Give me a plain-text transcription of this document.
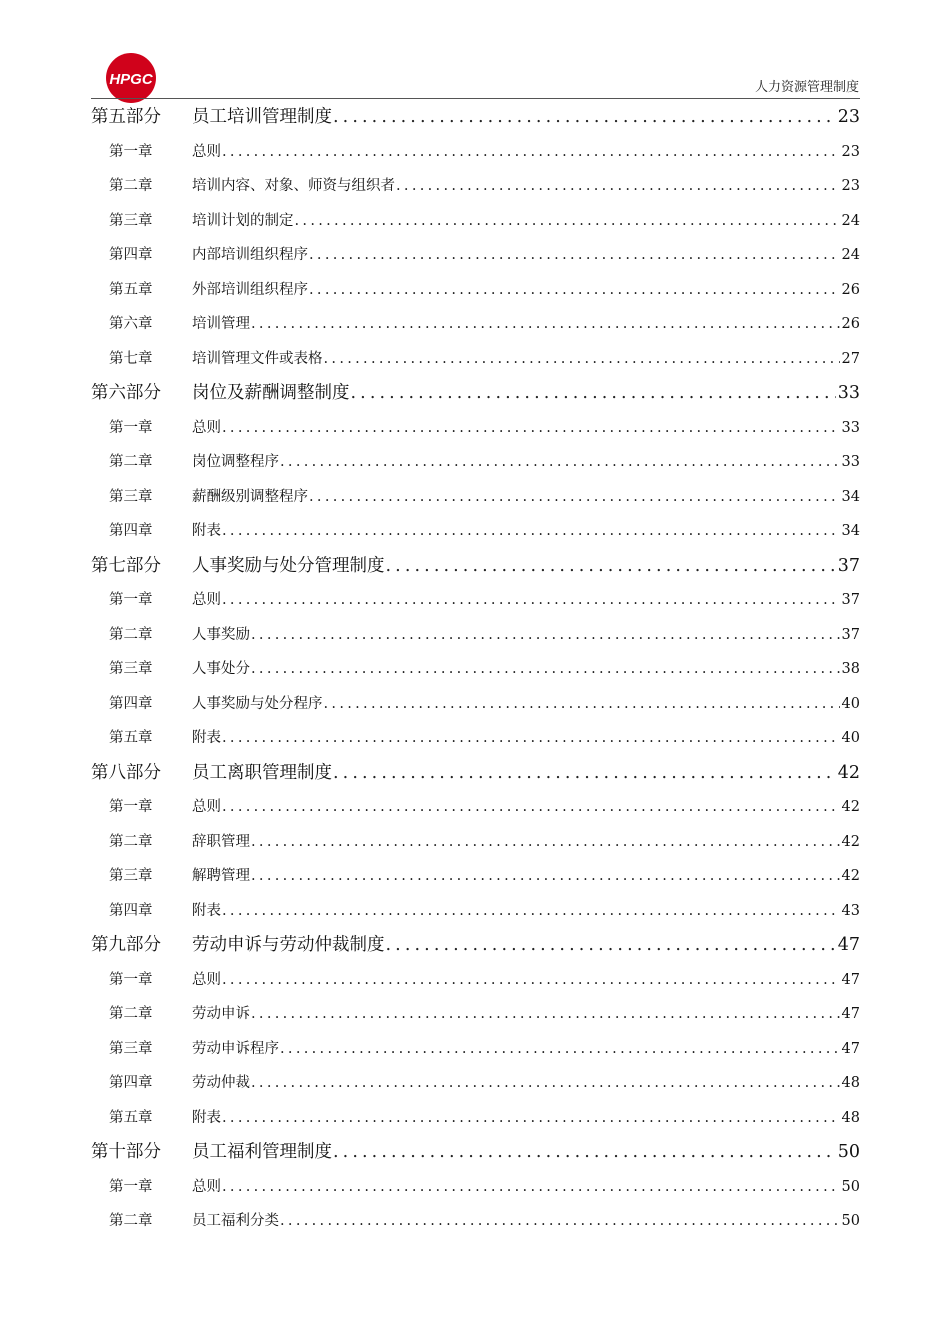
HPGC	人力资源管理制度
第五部分	员工培训管理制度 .....	23
第一章	总则 .....	23
第二章	培训内容、对象、师资与组织者 .....	23
第三章	培训计划的制定 .....	24
第四章	内部培训组织程序 .....	24
第五章	外部培训组织程序 .....	26
第六章	培训管理 .....	26
第七章	培训管理文件或表格 .....	27
第六部分	岗位及薪酬调整制度 .....	33
第一章	总则 .....	33
第二章	岗位调整程序 .....	33
第三章	薪酬级别调整程序 .....	34
第四章	附表 .....	34
第七部分	人事奖励与处分管理制度 .....	37
第一章	总则 .....	37
第二章	人事奖励 .....	37
第三章	人事处分 .....	38
第四章	人事奖励与处分程序 .....	40
第五章	附表 .....	40
第八部分	员工离职管理制度 .....	42
第一章	总则 .....	42
第二章	辞职管理 .....	42
第三章	解聘管理 .....	42
第四章	附表 .....	43
第九部分	劳动申诉与劳动仲裁制度 .....	47
第一章	总则 .....	47
第二章	劳动申诉 .....	47
第三章	劳动申诉程序 .....	47
第四章	劳动仲裁 .....	48
第五章	附表 .....	48
第十部分	员工福利管理制度 .....	50
第一章	总则 .....	50
第二章	员工福利分类 .....	50
